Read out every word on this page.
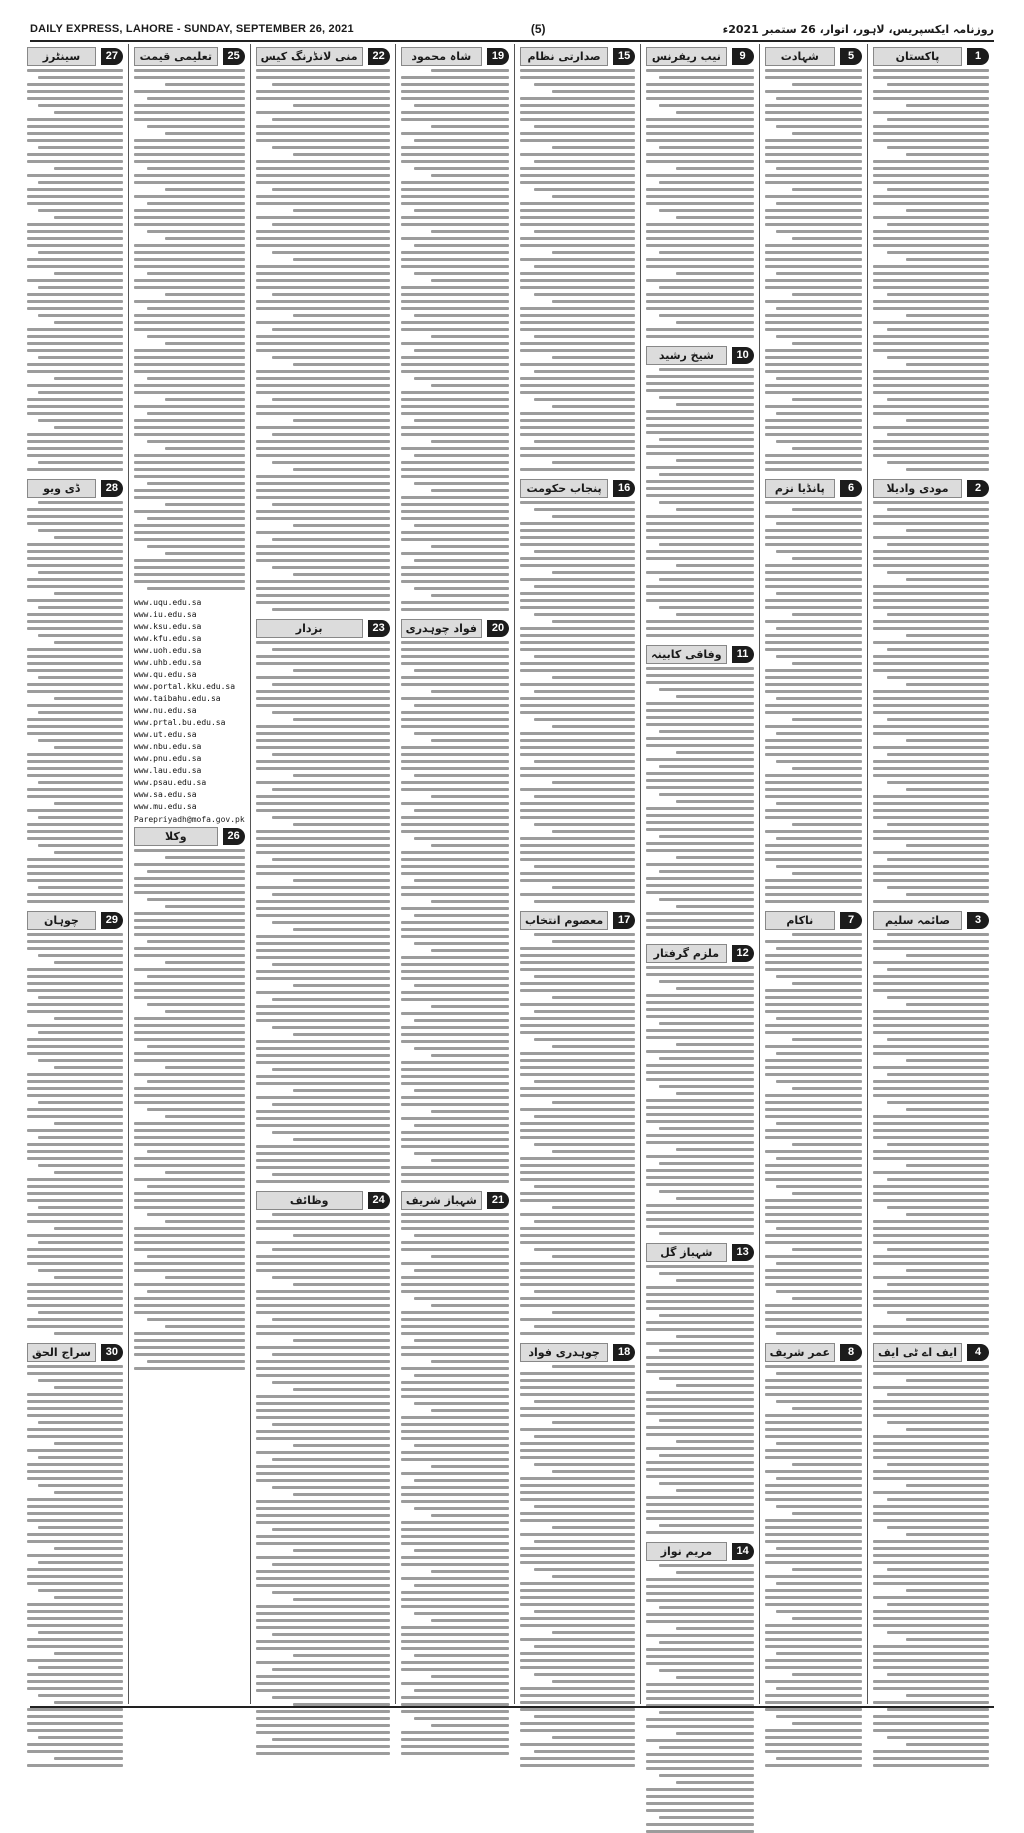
DAILY EXPRESS, LAHORE - SUNDAY, SEPTEMBER 26, 2021	(5)	روزنامہ ایکسپریس، لاہور، اتوار، 26 ستمبر 2021ء
1
پاکستان
2
مودی وادیلا
3
صائمہ سلیم
4
ایف اے ٹی ایف
5
شہادت
6
پانڈیا نزم
7
ناکام
8
عمر شریف
9
نیب ریفرنس
10
شیخ رشید
11
وفاقی کابینہ
12
ملزم گرفتار
13
شہباز گل
14
مریم نواز
15
صدارتی نظام
16
پنجاب حکومت
17
معصوم انتخاب
18
چوہدری فواد
19
شاہ محمود
20
فواد چوہدری
21
شہباز شریف
22
منی لانڈرنگ کیس
23
بزدار
24
وظائف
25
تعلیمی قیمت
www.uqu.edu.sa
www.iu.edu.sa
www.ksu.edu.sa
www.kfu.edu.sa
www.uoh.edu.sa
www.uhb.edu.sa
www.qu.edu.sa
www.portal.kku.edu.sa
www.taibahu.edu.sa
www.nu.edu.sa
www.prtal.bu.edu.sa
www.ut.edu.sa
www.nbu.edu.sa
www.pnu.edu.sa
www.lau.edu.sa
www.psau.edu.sa
www.sa.edu.sa
www.mu.edu.sa
Parepriyadh@mofa.gov.pk
26
وکلا
27
سینٹرز
28
ڈی ویو
29
چوہان
30
سراج الحق
